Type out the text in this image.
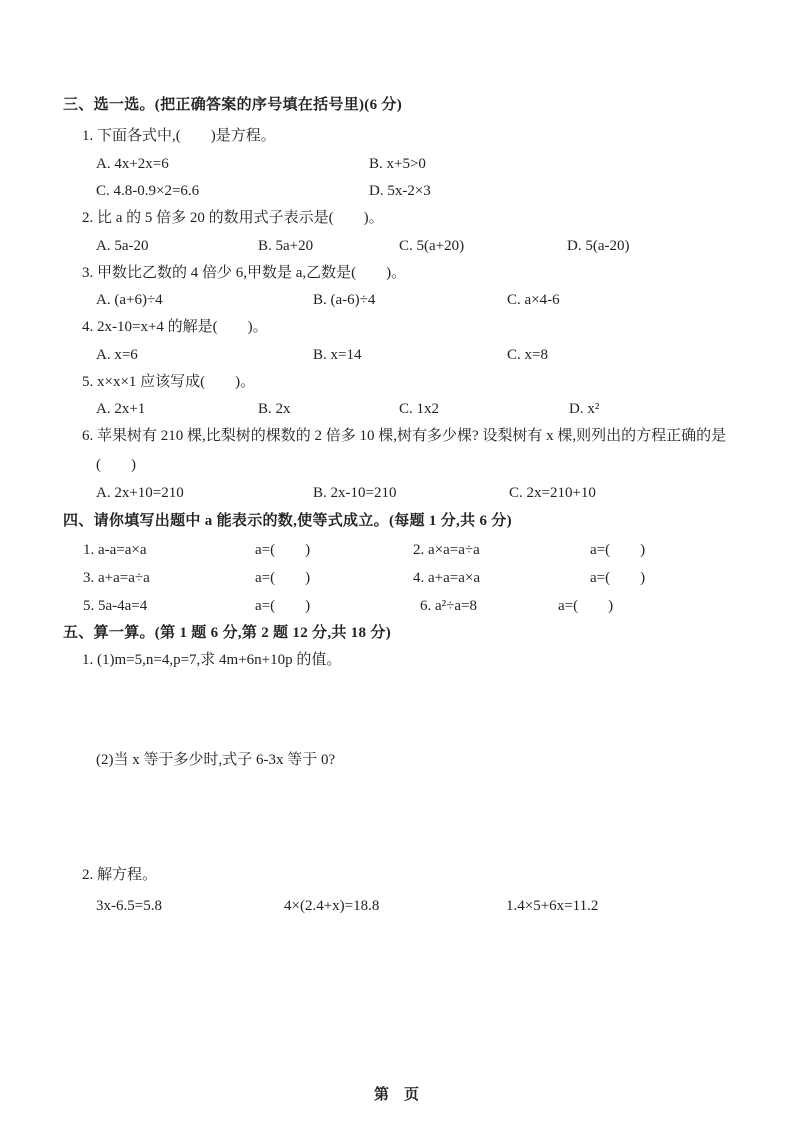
三、选一选。(把正确答案的序号填在括号里)(6 分)
1. 下面各式中,(　　)是方程。
A. 4x+2x=6	B. x+5>0
C. 4.8-0.9×2=6.6	D. 5x-2×3
2. 比 a 的 5 倍多 20 的数用式子表示是(　　)。
A. 5a-20	B. 5a+20	C. 5(a+20)	D. 5(a-20)
3. 甲数比乙数的 4 倍少 6,甲数是 a,乙数是(　　)。
A. (a+6)÷4	B. (a-6)÷4	C. a×4-6
4. 2x-10=x+4 的解是(　　)。
A. x=6	B. x=14	C. x=8
5. x×x×1 应该写成(　　)。
A. 2x+1	B. 2x	C. 1x2	D. x²
6. 苹果树有 210 棵,比梨树的棵数的 2 倍多 10 棵,树有多少棵? 设梨树有 x 棵,则列出的方程正确的是
(　　)
A. 2x+10=210	B. 2x-10=210	C. 2x=210+10
四、请你填写出题中 a 能表示的数,使等式成立。(每题 1 分,共 6 分)
1. a-a=a×a	a=(　　)	2. a×a=a÷a	a=(　　)
3. a+a=a÷a	a=(　　)	4. a+a=a×a	a=(　　)
5. 5a-4a=4	a=(　　)	6. a²÷a=8	a=(　　)
五、算一算。(第 1 题 6 分,第 2 题 12 分,共 18 分)
1. (1)m=5,n=4,p=7,求 4m+6n+10p 的值。
(2)当 x 等于多少时,式子 6-3x 等于 0?
2. 解方程。
3x-6.5=5.8	4×(2.4+x)=18.8	1.4×5+6x=11.2
第　页
